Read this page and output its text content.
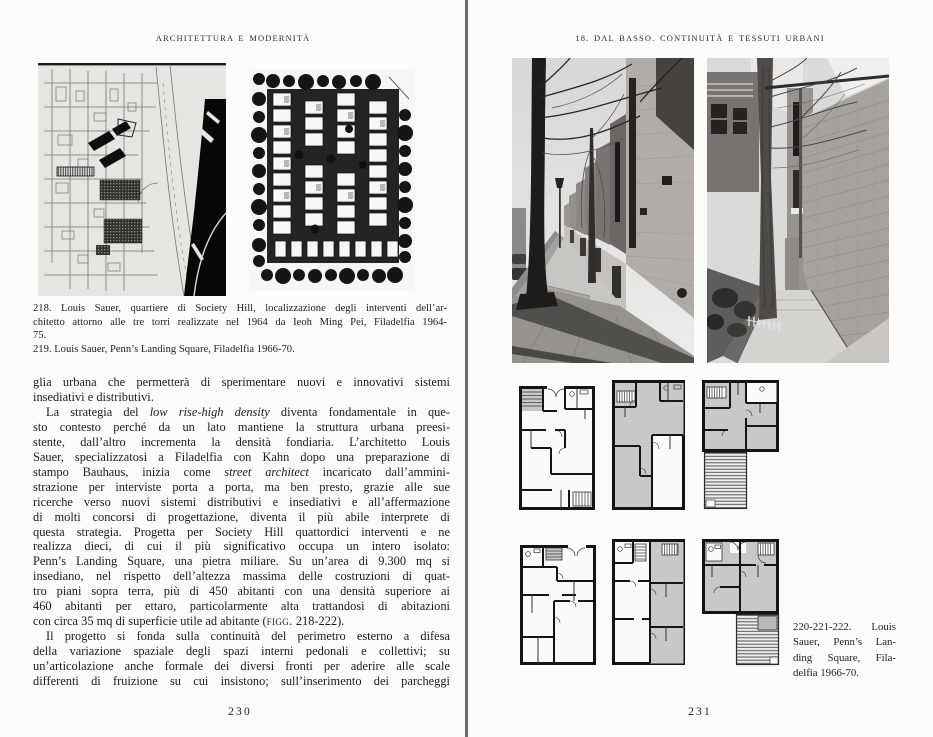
ARCHITETTURA E MODERNITÀ
218. Louis Sauer, quartiere di Society Hill, localizzazione degli interventi dell’ar-
chitetto attorno alle tre torri realizzate nel 1964 da Ieoh Ming Pei, Filadelfia 1964-
75.
219. Louis Sauer, Penn’s Landing Square, Filadelfia 1966-70.
glia urbana che permetterà di sperimentare nuovi e innovativi sistemi
insediativi e distributivi.
La strategia del low rise-high density diventa fondamentale in que-
sto contesto perché da un lato mantiene la struttura urbana preesi-
stente, dall’altro incrementa la densità fondiaria. L’architetto Louis
Sauer, specializzatosi a Filadelfia con Kahn dopo una preparazione di
stampo Bauhaus, inizia come street architect incaricato dall’ammini-
strazione per interviste porta a porta, ma ben presto, grazie alle sue
ricerche verso nuovi sistemi distributivi e insediativi e all’affermazione
di molti concorsi di progettazione, diventa il più abile interprete di
questa strategia. Progetta per Society Hill quattordici interventi e ne
realizza dieci, di cui il più significativo occupa un intero isolato:
Penn’s Landing Square, una pietra miliare. Su un’area di 9.300 mq si
insediano, nel rispetto dell’altezza massima delle costruzioni di quat-
tro piani sopra terra, più di 450 abitanti con una densità superiore ai
460 abitanti per ettaro, particolarmente alta trattandosi di abitazioni
con circa 35 mq di superficie utile ad abitante (figg. 218-222).
Il progetto si fonda sulla continuità del perimetro esterno a difesa
della variazione spaziale degli spazi interni pedonali e collettivi; su
un’articolazione anche formale dei diversi fronti per aderire alle scale
differenti di fruizione su cui insistono; sull’inserimento dei parcheggi
230
18. DAL BASSO. CONTINUITÀ E TESSUTI URBANI
220-221-222. Louis
Sauer, Penn’s Lan-
ding Square, Fila-
delfia 1966-70.
231
